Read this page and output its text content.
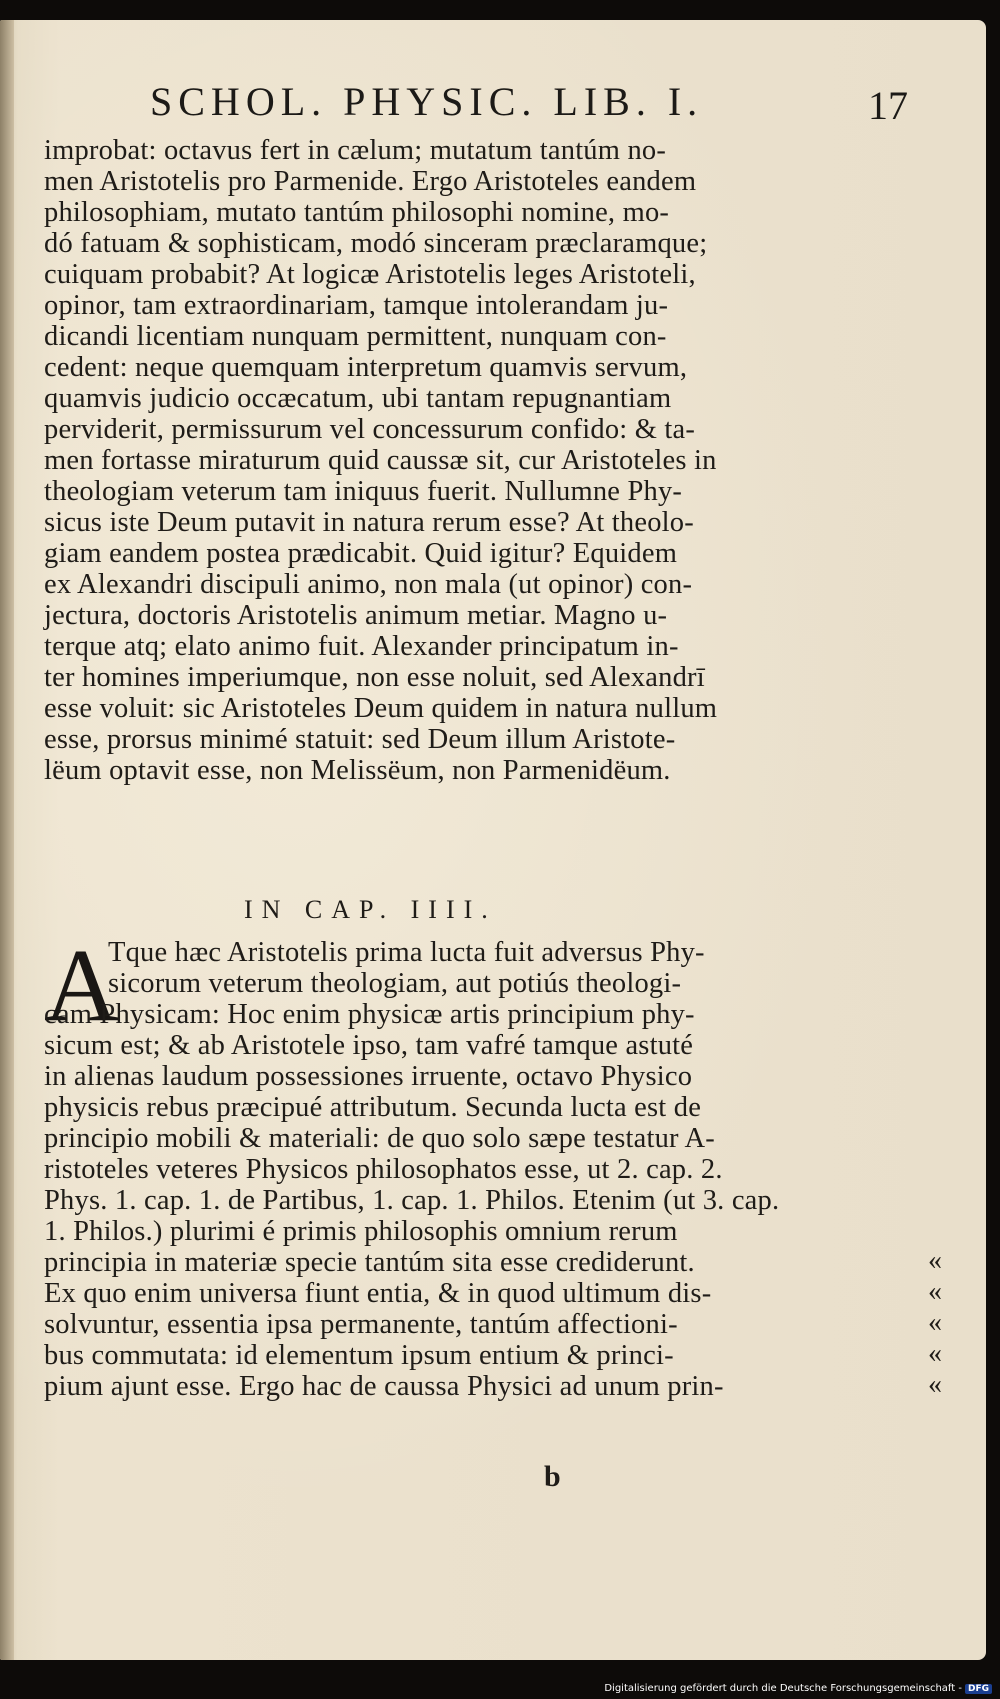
SCHOL. PHYSIC. LIB. I.	17
improbat: octavus fert in cælum; mutatum tantúm no-
men Aristotelis pro Parmenide. Ergo Aristoteles eandem
philosophiam, mutato tantúm philosophi nomine, mo-
dó fatuam & sophisticam, modó sinceram præclaramque;
cuiquam probabit? At logicæ Aristotelis leges Aristoteli,
opinor, tam extraordinariam, tamque intolerandam ju-
dicandi licentiam nunquam permittent, nunquam con-
cedent: neque quemquam interpretum quamvis servum,
quamvis judicio occæcatum, ubi tantam repugnantiam
perviderit, permissurum vel concessurum confido: & ta-
men fortasse miraturum quid caussæ sit, cur Aristoteles in
theologiam veterum tam iniquus fuerit. Nullumne Phy-
sicus iste Deum putavit in natura rerum esse? At theolo-
giam eandem postea prædicabit. Quid igitur? Equidem
ex Alexandri discipuli animo, non mala (ut opinor) con-
jectura, doctoris Aristotelis animum metiar. Magno u-
terque atq; elato animo fuit. Alexander principatum in-
ter homines imperiumque, non esse noluit, sed Alexandrī
esse voluit: sic Aristoteles Deum quidem in natura nullum
esse, prorsus minimé statuit: sed Deum illum Aristote-
lëum optavit esse, non Melissëum, non Parmenidëum.
IN CAP. IIII.
A
Tque hæc Aristotelis prima lucta fuit adversus Phy-
sicorum veterum theologiam, aut potiús theologi-
cam Physicam: Hoc enim physicæ artis principium phy-
sicum est; & ab Aristotele ipso, tam vafré tamque astuté
in alienas laudum possessiones irruente, octavo Physico
physicis rebus præcipué attributum. Secunda lucta est de
principio mobili & materiali: de quo solo sæpe testatur A-
ristoteles veteres Physicos philosophatos esse, ut 2. cap. 2.
Phys. 1. cap. 1. de Partibus, 1. cap. 1. Philos. Etenim (ut 3. cap.
1. Philos.) plurimi é primis philosophis omnium rerum
principia in materiæ specie tantúm sita esse crediderunt.
Ex quo enim universa fiunt entia, & in quod ultimum dis-
solvuntur, essentia ipsa permanente, tantúm affectioni-
bus commutata: id elementum ipsum entium & princi-
pium ajunt esse. Ergo hac de caussa Physici ad unum prin-
«
«
«
«
«
b
Digitalisierung gefördert durch die Deutsche Forschungsgemeinschaft - DFG
